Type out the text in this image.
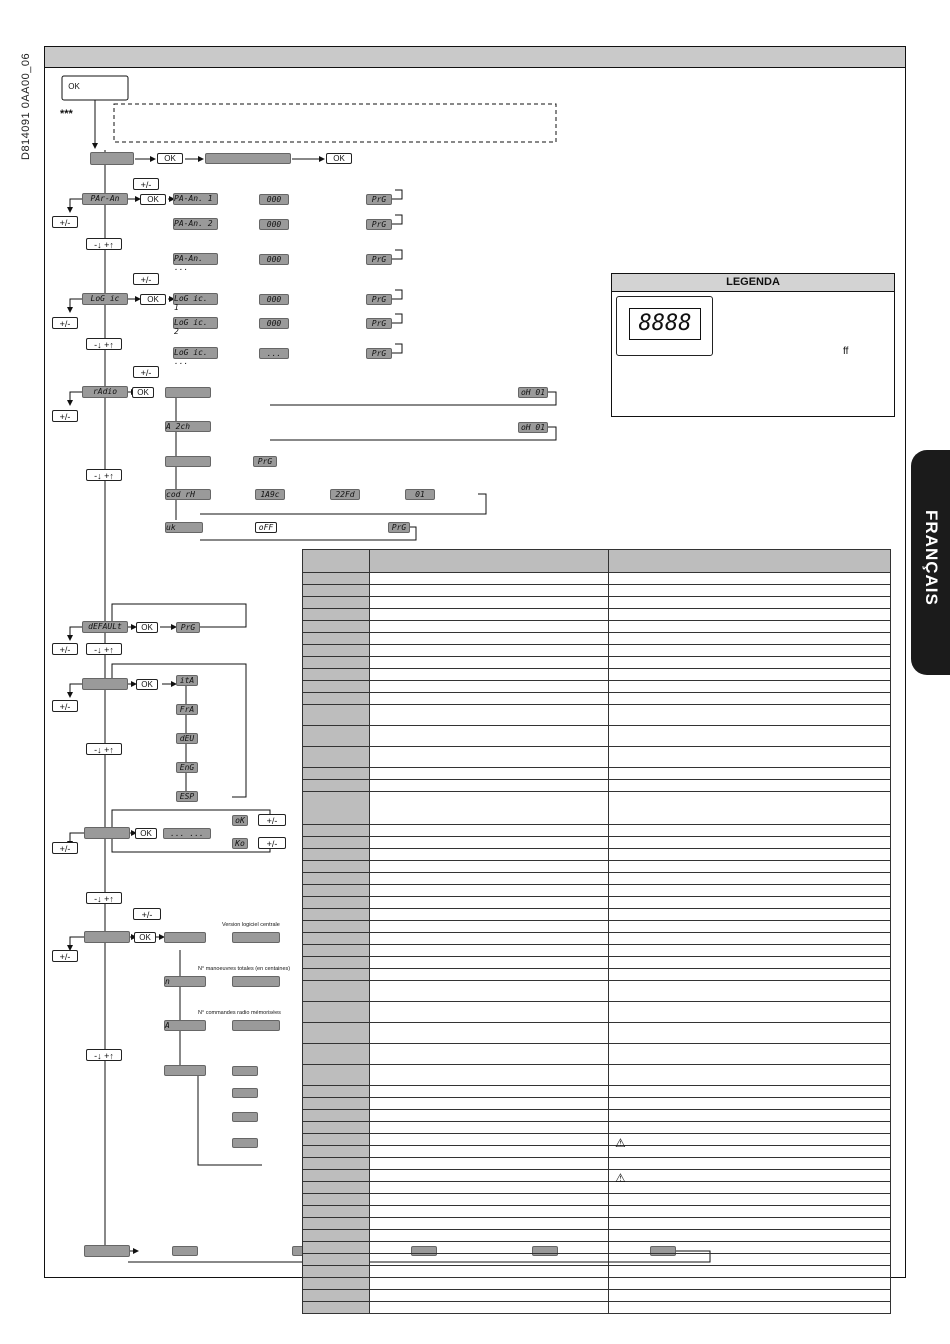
D814091 0AA00_06
FRANÇAIS
LEGENDA
8888
ff
OK
***
OK	OK
PAr-An	OK
+/-
+/-
-↓ +↑
PA-An. 1
PA-An. 2
PA-An. ...
000
000
000
PrG
PrG
PrG
LoG ic	OK
+/-
+/-
-↓ +↑
LoG ic. 1
LoG ic. 2
LoG ic. ...
000
000
...
PrG
PrG
PrG
rAdio	OK
+/-
+/-
-↓ +↑
A 2ch
cod rH
uk
oH 01
oH 01
PrG
1A9c	22Fd	01
oFF	PrG
dEFAULt	OK	PrG
+/-	-↓ +↑
OK
+/-
-↓ +↑
itA
FrA
dEU
EnG
ESP
OK	... ...
oK
Ko
+/-
+/-
+/-
-↓ +↑
OK
+/-
+/-
-↓ +↑
n
A
Version logiciel centrale
N° manoeuvres totales (en centaines)
N° commandes radio mémorisées

⚠
⚠
